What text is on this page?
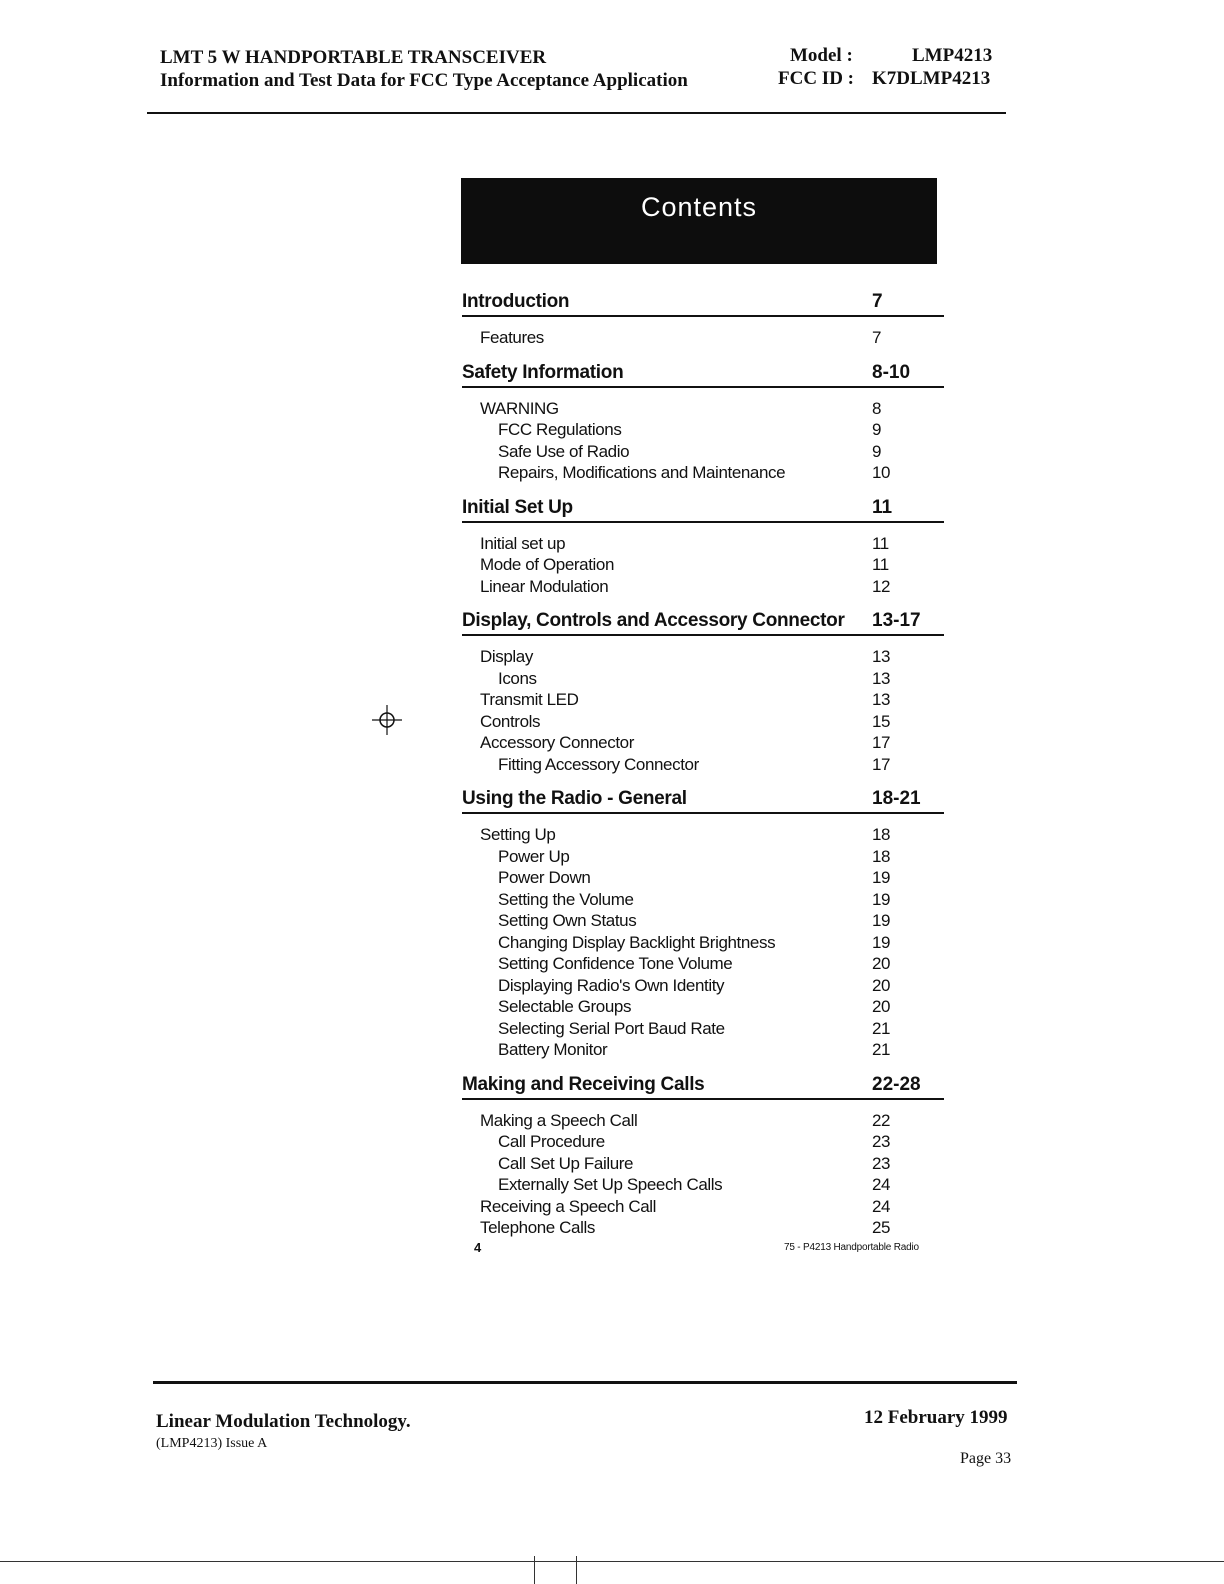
LMT 5 W HANDPORTABLE TRANSCEIVER
Information and Test Data for FCC Type Acceptance Application
Model :	LMP4213
FCC ID : K7DLMP4213
Contents
Introduction	7
Features	7
Safety Information	8-10
WARNING	8
FCC Regulations	9
Safe Use of Radio	9
Repairs, Modifications and Maintenance	10
Initial Set Up	11
Initial set up	11
Mode of Operation	11
Linear Modulation	12
Display, Controls and Accessory Connector 13-17
Display	13
Icons	13
Transmit LED	13
Controls	15
Accessory Connector	17
Fitting Accessory Connector	17
Using the Radio - General	18-21
Setting Up	18
Power Up	18
Power Down	19
Setting the Volume	19
Setting Own Status	19
Changing Display Backlight Brightness	19
Setting Confidence Tone Volume	20
Displaying Radio's Own Identity	20
Selectable Groups	20
Selecting Serial Port Baud Rate	21
Battery Monitor	21
Making and Receiving Calls	22-28
Making a Speech Call	22
Call Procedure	23
Call Set Up Failure	23
Externally Set Up Speech Calls	24
Receiving a Speech Call	24
Telephone Calls	25
4	75 - P4213 Handportable Radio
Linear Modulation Technology.
(LMP4213) Issue A
12 February 1999
Page 33
